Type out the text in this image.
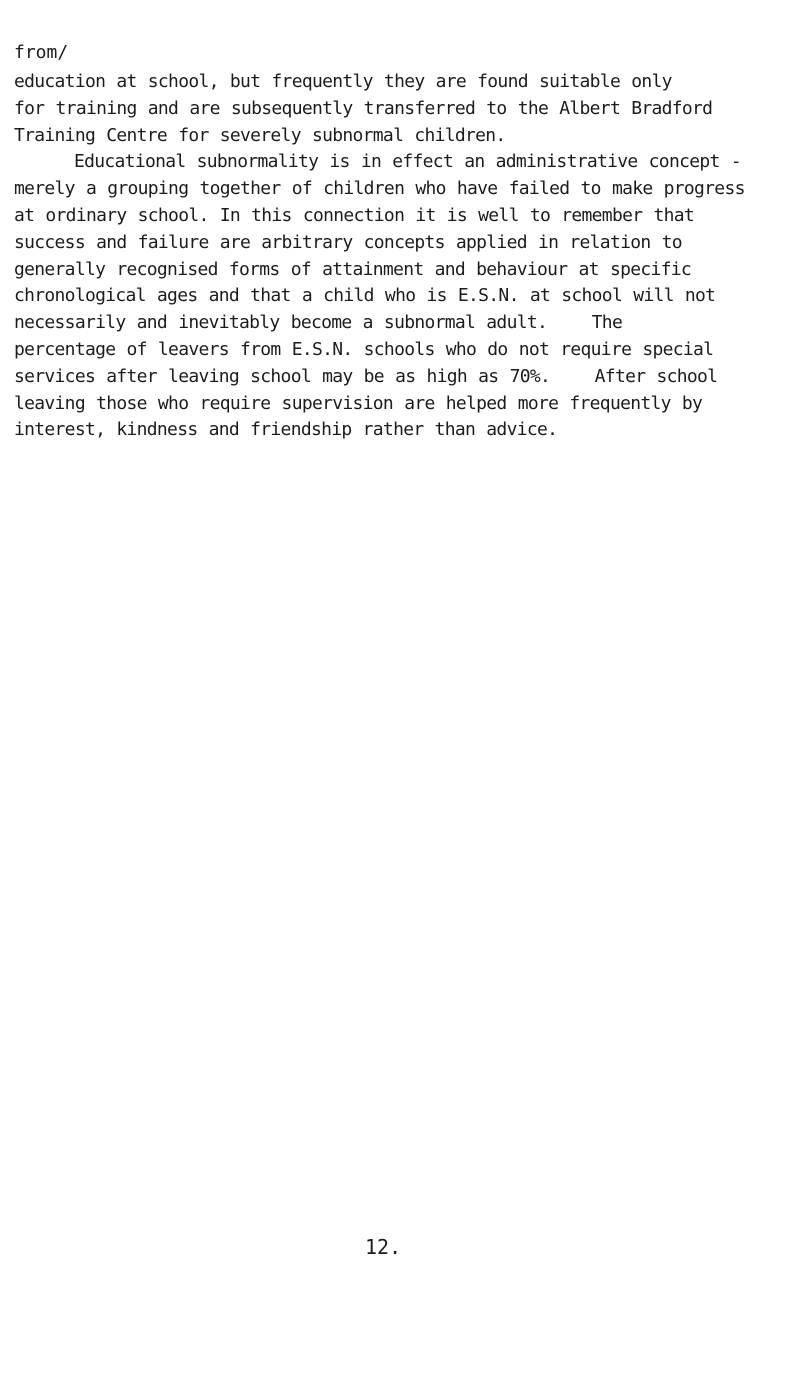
from/
education at school, but frequently they are found suitable only
for training and are subsequently transferred to the Albert Bradford
Training Centre for severely subnormal children.
Educational subnormality is in effect an administrative concept -
merely a grouping together of children who have failed to make progress
at ordinary school. In this connection it is well to remember that
success and failure are arbitrary concepts applied in relation to
generally recognised forms of attainment and behaviour at specific
chronological ages and that a child who is E.S.N. at school will not
necessarily and inevitably become a subnormal adult.    The
percentage of leavers from E.S.N. schools who do not require special
services after leaving school may be as high as 70%.    After school
leaving those who require supervision are helped more frequently by
interest, kindness and friendship rather than advice.
12.
